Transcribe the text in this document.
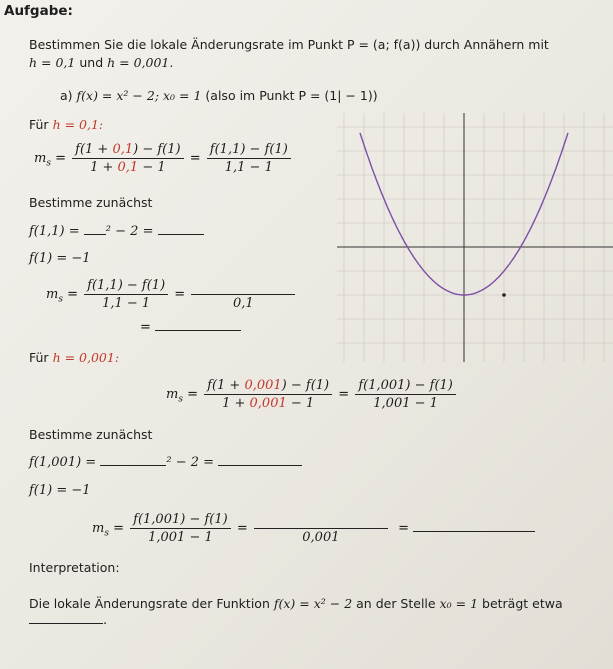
Aufgabe:
Bestimmen Sie die lokale Änderungsrate im Punkt P = (a; f(a)) durch Annähern mit
h = 0,1 und h = 0,001.
a) f(x) = x² − 2; x₀ = 1 (also im Punkt P = (1| − 1))
Für h = 0,1:
$m_s = \frac{f(1 + 0,1) - f(1)}{1 + 0,1 - 1} = \frac{f(1,1) - f(1)}{1,1 - 1}$
Bestimme zunächst
f(1,1) = ² − 2 =
f(1) = −1
$m_s = \frac{f(1,1) - f(1)}{1,1 - 1}$ =
0,1
=
Für h = 0,001:
$m_s = \frac{f(1 + 0,001) - f(1)}{1 + 0,001 - 1} = \frac{f(1,001) - f(1)}{1,001 - 1}$
Bestimme zunächst
f(1,001) =	² − 2 =
f(1) = −1
$m_s = \frac{f(1,001) - f(1)}{1,001 - 1}$ =
0,001
=
Interpretation:
Die lokale Änderungsrate der Funktion f(x) = x² − 2 an der Stelle x₀ = 1 beträgt etwa
.
